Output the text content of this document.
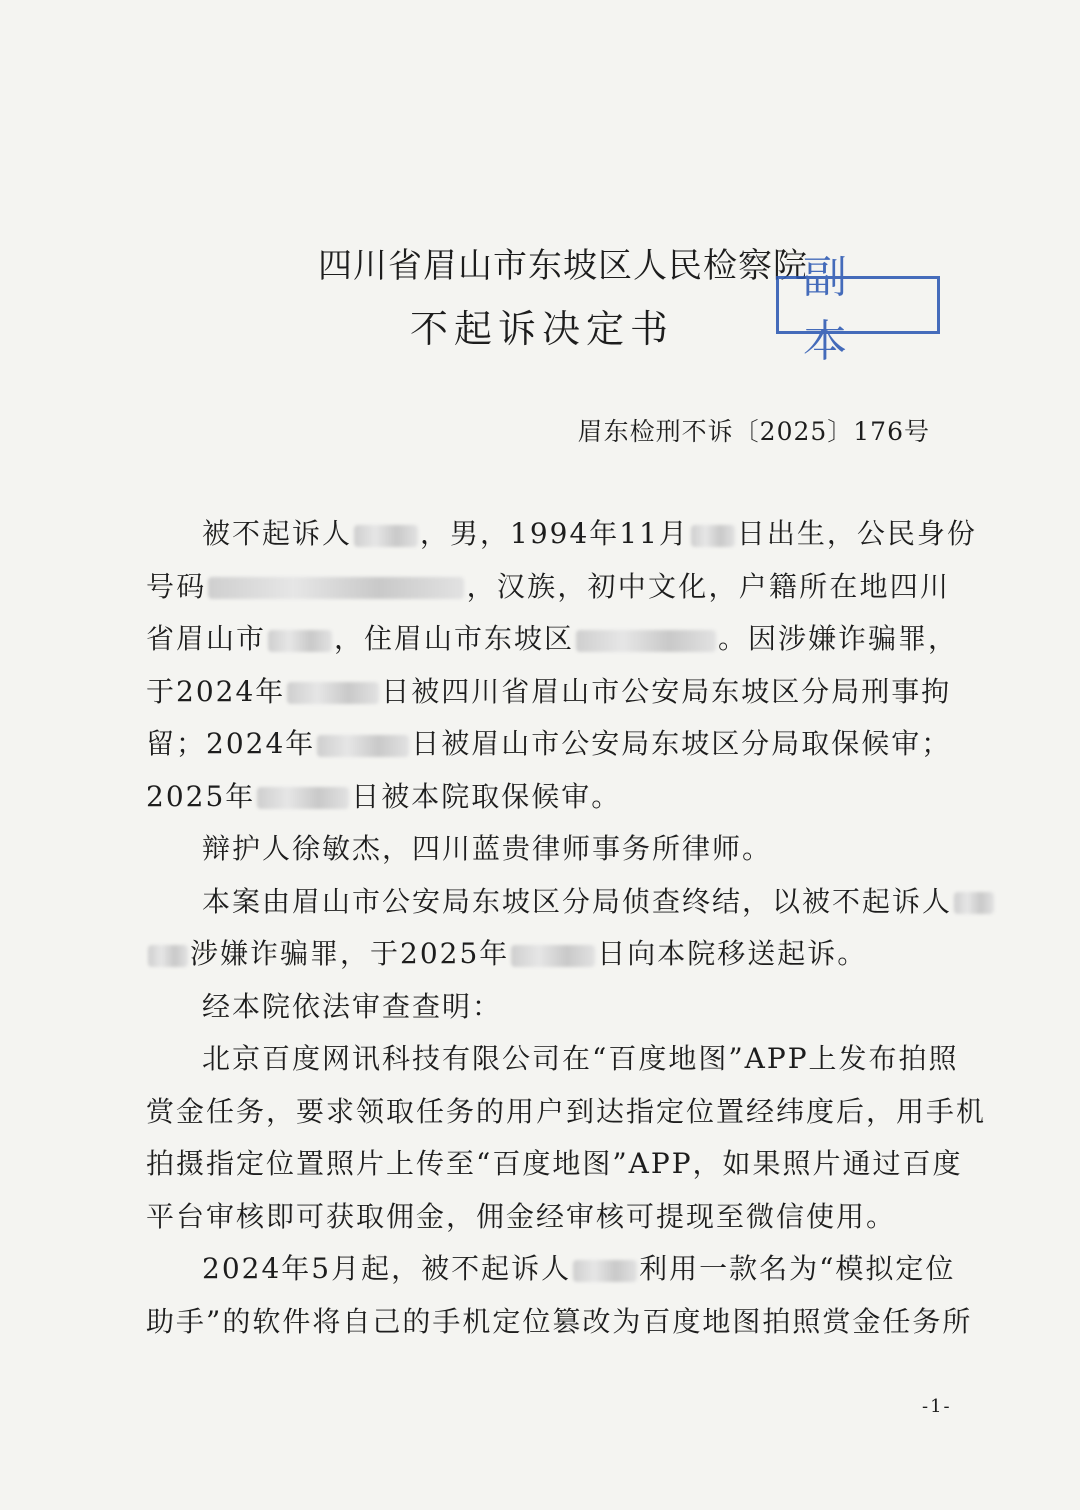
四川省眉山市东坡区人民检察院
不起诉决定书
副本
眉东检刑不诉〔2025〕176号

被不起诉人 ，男，1994年11月 日出生，公民身份
号码	，汉族，初中文化，户籍所在地四川
省眉山市 ，住眉山市东坡区	。因涉嫌诈骗罪，
于2024年	日被四川省眉山市公安局东坡区分局刑事拘
留；2024年	日被眉山市公安局东坡区分局取保候审；
2025年	日被本院取保候审。

辩护人徐敏杰，四川蓝贵律师事务所律师。

本案由眉山市公安局东坡区分局侦查终结，以被不起诉人
涉嫌诈骗罪，于2025年	日向本院移送起诉。

经本院依法审查查明：

北京百度网讯科技有限公司在“百度地图”APP上发布拍照
赏金任务，要求领取任务的用户到达指定位置经纬度后，用手机
拍摄指定位置照片上传至“百度地图”APP，如果照片通过百度
平台审核即可获取佣金，佣金经审核可提现至微信使用。

2024年5月起，被不起诉人 利用一款名为“模拟定位
助手”的软件将自己的手机定位篡改为百度地图拍照赏金任务所

-1-
